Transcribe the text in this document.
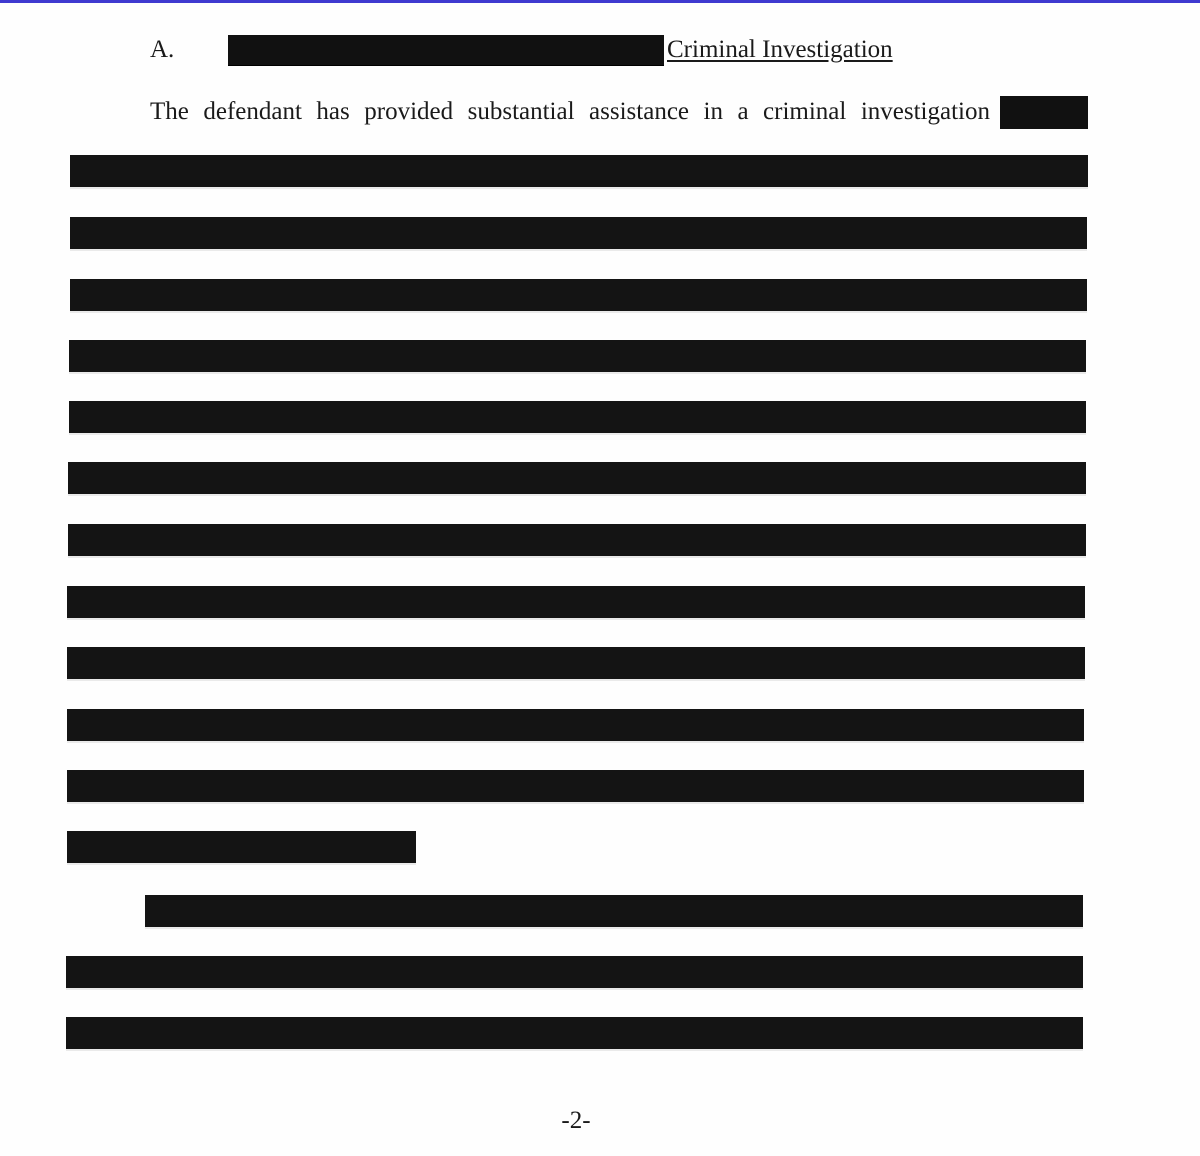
A.	Criminal Investigation
The defendant has provided substantial assistance in a criminal investigation
-2-
